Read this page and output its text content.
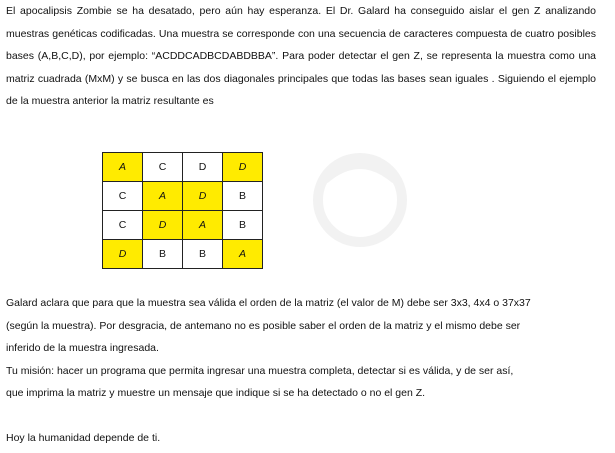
El apocalipsis Zombie se ha desatado, pero aún hay esperanza. El Dr. Galard ha conseguido aislar el gen Z analizando muestras genéticas codificadas. Una muestra se corresponde con una secuencia de caracteres compuesta de cuatro posibles bases (A,B,C,D), por ejemplo: “ACDDCADBCDABDBBA”. Para poder detectar el gen Z, se representa la muestra como una matriz cuadrada (MxM) y se busca en las dos diagonales principales que todas las bases sean iguales . Siguiendo el ejemplo de la muestra anterior la matriz resultante es
A	C	D	D
C	A	D	B
C	D	A	B
D	B	B	A
Galard aclara que para que la muestra sea válida el orden de la matriz (el valor de M) debe ser 3x3, 4x4 o 37x37
(según la muestra). Por desgracia, de antemano no es posible saber el orden de la matriz y el mismo debe ser
inferido de la muestra ingresada.
Tu misión: hacer un programa que permita ingresar una muestra completa, detectar si es válida, y de ser así,
que imprima la matriz y muestre un mensaje que indique si se ha detectado o no el gen Z.
Hoy la humanidad depende de ti.
